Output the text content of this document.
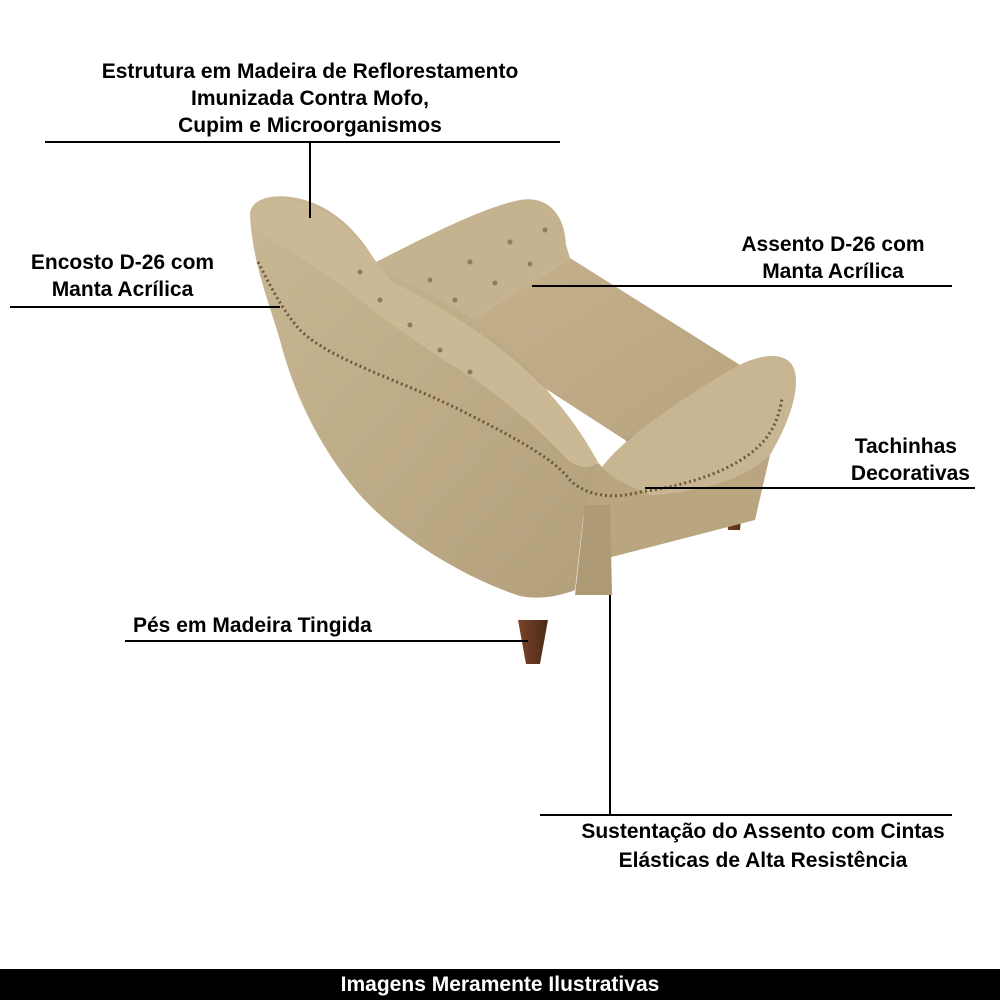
Estrutura em Madeira de Reflorestamento
Imunizada Contra Mofo,
Cupim e Microorganismos
Encosto D-26 com
Manta Acrílica
Assento D-26 com
Manta Acrílica
Tachinhas
Decorativas
Pés em Madeira Tingida
Sustentação do Assento com Cintas
Elásticas de Alta Resistência
Imagens Meramente Ilustrativas
